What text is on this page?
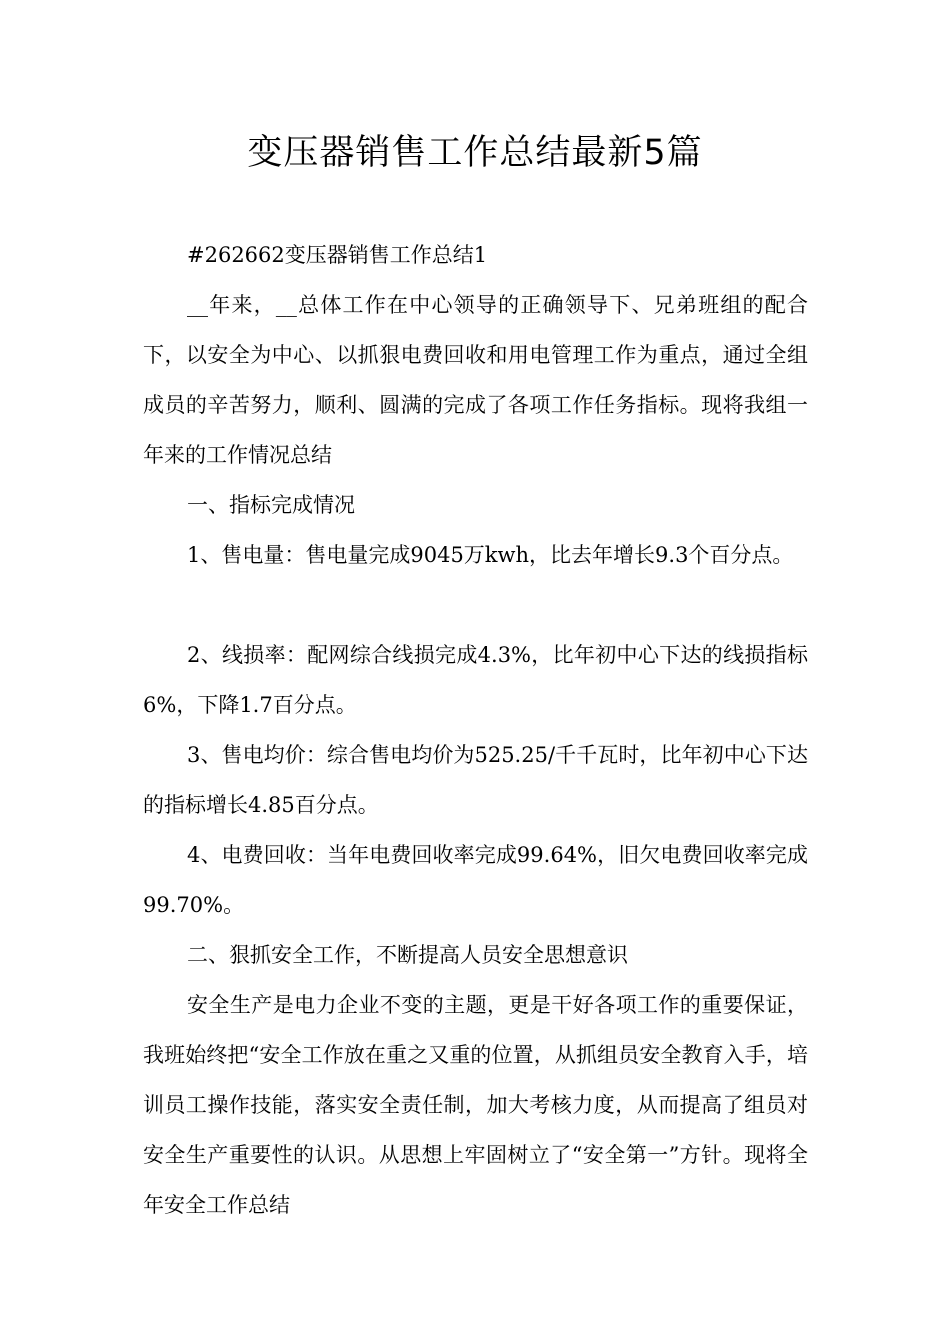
变压器销售工作总结最新5篇

#262662变压器销售工作总结1

__年来，__总体工作在中心领导的正确领导下、兄弟班组的配合下，以安全为中心、以抓狠电费回收和用电管理工作为重点，通过全组成员的辛苦努力，顺利、圆满的完成了各项工作任务指标。现将我组一年来的工作情况总结

一、指标完成情况

1、售电量：售电量完成9045万kwh，比去年增长9.3个百分点。

2、线损率：配网综合线损完成4.3%，比年初中心下达的线损指标6%，下降1.7百分点。

3、售电均价：综合售电均价为525.25/千千瓦时，比年初中心下达的指标增长4.85百分点。

4、电费回收：当年电费回收率完成99.64%，旧欠电费回收率完成99.70%。

二、狠抓安全工作，不断提高人员安全思想意识

安全生产是电力企业不变的主题，更是干好各项工作的重要保证，我班始终把“安全工作放在重之又重的位置，从抓组员安全教育入手，培训员工操作技能，落实安全责任制，加大考核力度，从而提高了组员对安全生产重要性的认识。从思想上牢固树立了“安全第一”方针。现将全年安全工作总结
